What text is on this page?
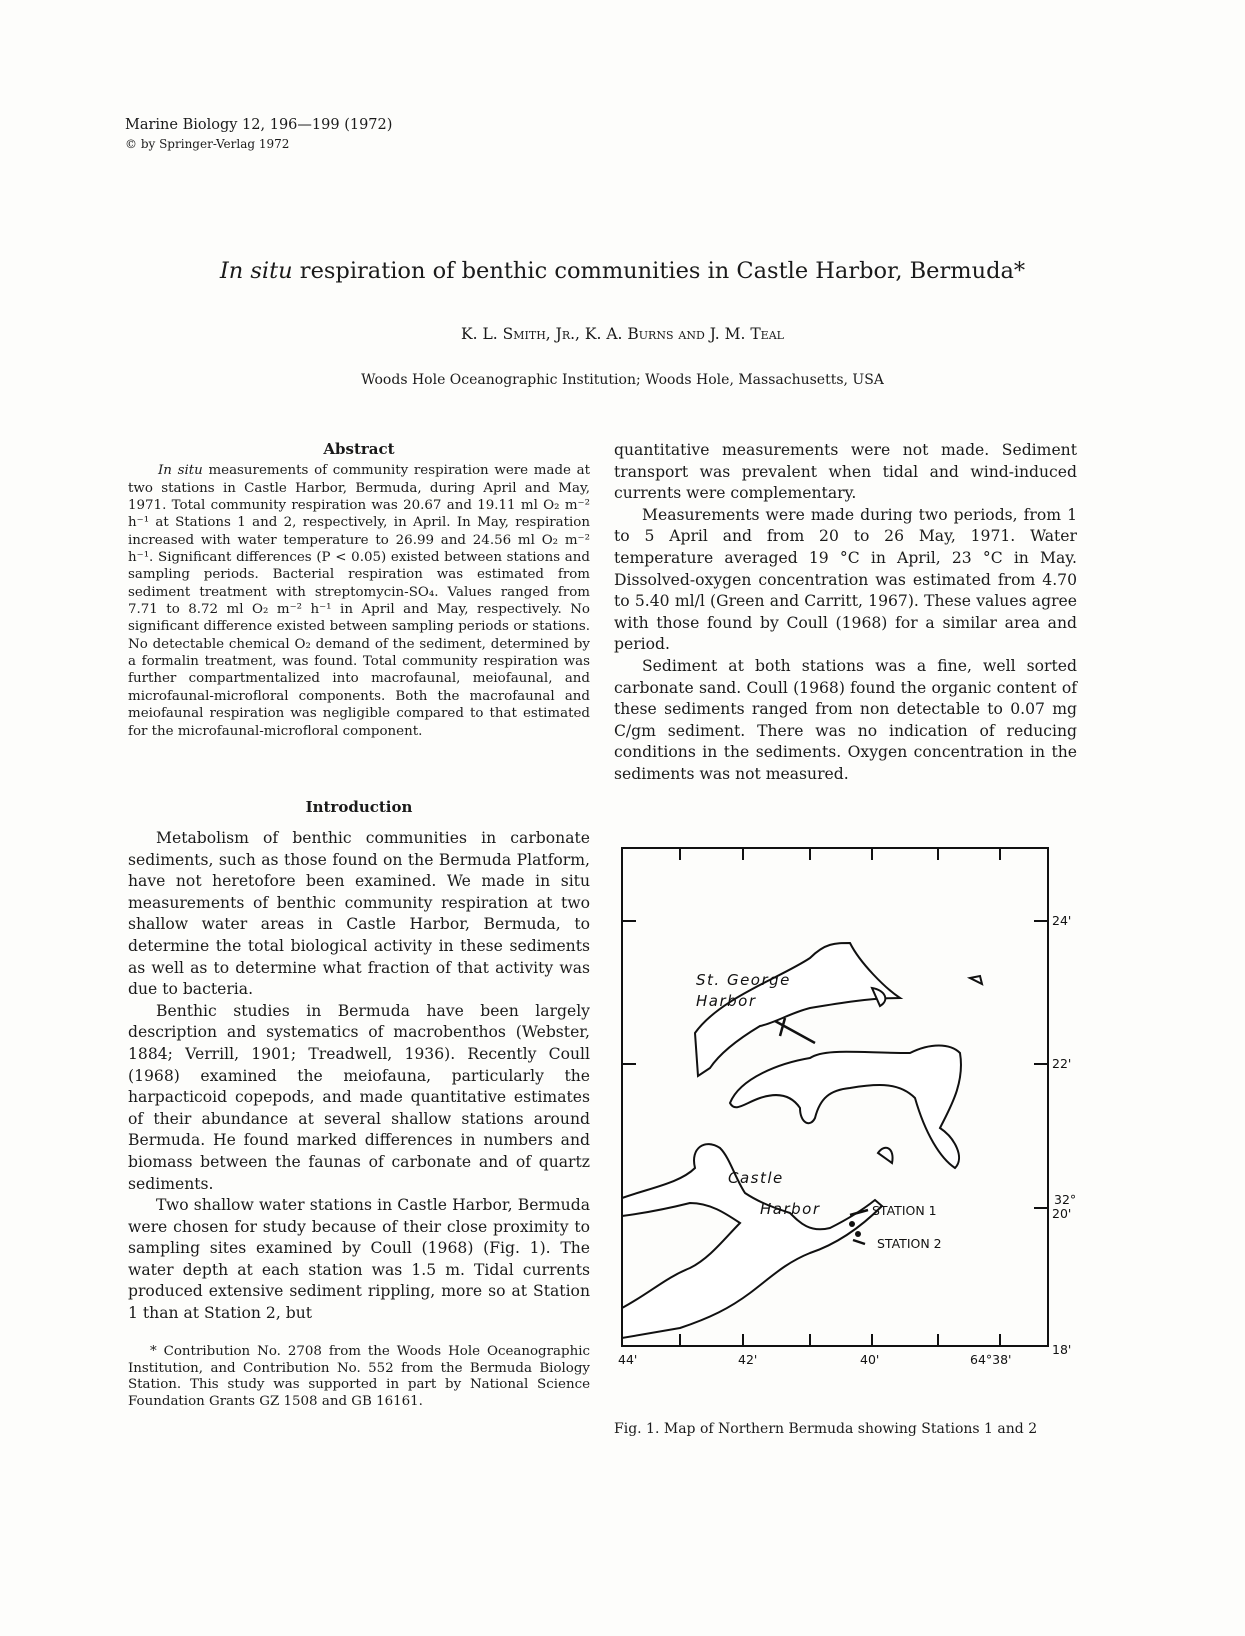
Marine Biology 12, 196—199 (1972)
© by Springer-Verlag 1972
In situ respiration of benthic communities in Castle Harbor, Bermuda*
K. L. Smith, Jr., K. A. Burns and J. M. Teal
Woods Hole Oceanographic Institution; Woods Hole, Massachusetts, USA
Abstract

In situ measurements of community respiration were made at two stations in Castle Harbor, Bermuda, during April and May, 1971. Total community respiration was 20.67 and 19.11 ml O₂ m⁻² h⁻¹ at Stations 1 and 2, respectively, in April. In May, respiration increased with water temperature to 26.99 and 24.56 ml O₂ m⁻² h⁻¹. Significant differences (P < 0.05) existed between stations and sampling periods. Bacterial respiration was estimated from sediment treatment with streptomycin-SO₄. Values ranged from 7.71 to 8.72 ml O₂ m⁻² h⁻¹ in April and May, respectively. No significant difference existed between sampling periods or stations. No detectable chemical O₂ demand of the sediment, determined by a formalin treatment, was found. Total community respiration was further compartmentalized into macrofaunal, meiofaunal, and microfaunal-microfloral components. Both the macrofaunal and meiofaunal respiration was negligible compared to that estimated for the microfaunal-microfloral component.

Introduction

Metabolism of benthic communities in carbonate sediments, such as those found on the Bermuda Platform, have not heretofore been examined. We made in situ measurements of benthic community respiration at two shallow water areas in Castle Harbor, Bermuda, to determine the total biological activity in these sediments as well as to determine what fraction of that activity was due to bacteria.

Benthic studies in Bermuda have been largely description and systematics of macrobenthos (Webster, 1884; Verrill, 1901; Treadwell, 1936). Recently Coull (1968) examined the meiofauna, particularly the harpacticoid copepods, and made quantitative estimates of their abundance at several shallow stations around Bermuda. He found marked differences in numbers and biomass between the faunas of carbonate and of quartz sediments.

Two shallow water stations in Castle Harbor, Bermuda were chosen for study because of their close proximity to sampling sites examined by Coull (1968) (Fig. 1). The water depth at each station was 1.5 m. Tidal currents produced extensive sediment rippling, more so at Station 1 than at Station 2, but

quantitative measurements were not made. Sediment transport was prevalent when tidal and wind-induced currents were complementary.

Measurements were made during two periods, from 1 to 5 April and from 20 to 26 May, 1971. Water temperature averaged 19 °C in April, 23 °C in May. Dissolved-oxygen concentration was estimated from 4.70 to 5.40 ml/l (Green and Carritt, 1967). These values agree with those found by Coull (1968) for a similar area and period.

Sediment at both stations was a fine, well sorted carbonate sand. Coull (1968) found the organic content of these sediments ranged from non detectable to 0.07 mg C/gm sediment. There was no indication of reducing conditions in the sediments. Oxygen concentration in the sediments was not measured.

* Contribution No. 2708 from the Woods Hole Oceanographic Institution, and Contribution No. 552 from the Bermuda Biology Station. This study was supported in part by National Science Foundation Grants GZ 1508 and GB 16161.

St. George
Harbor
Castle
Harbor	STATION 1
STATION 2
24'
22'
32°
20'
18'
44'	42'	40'	64°38'
Fig. 1. Map of Northern Bermuda showing Stations 1 and 2
